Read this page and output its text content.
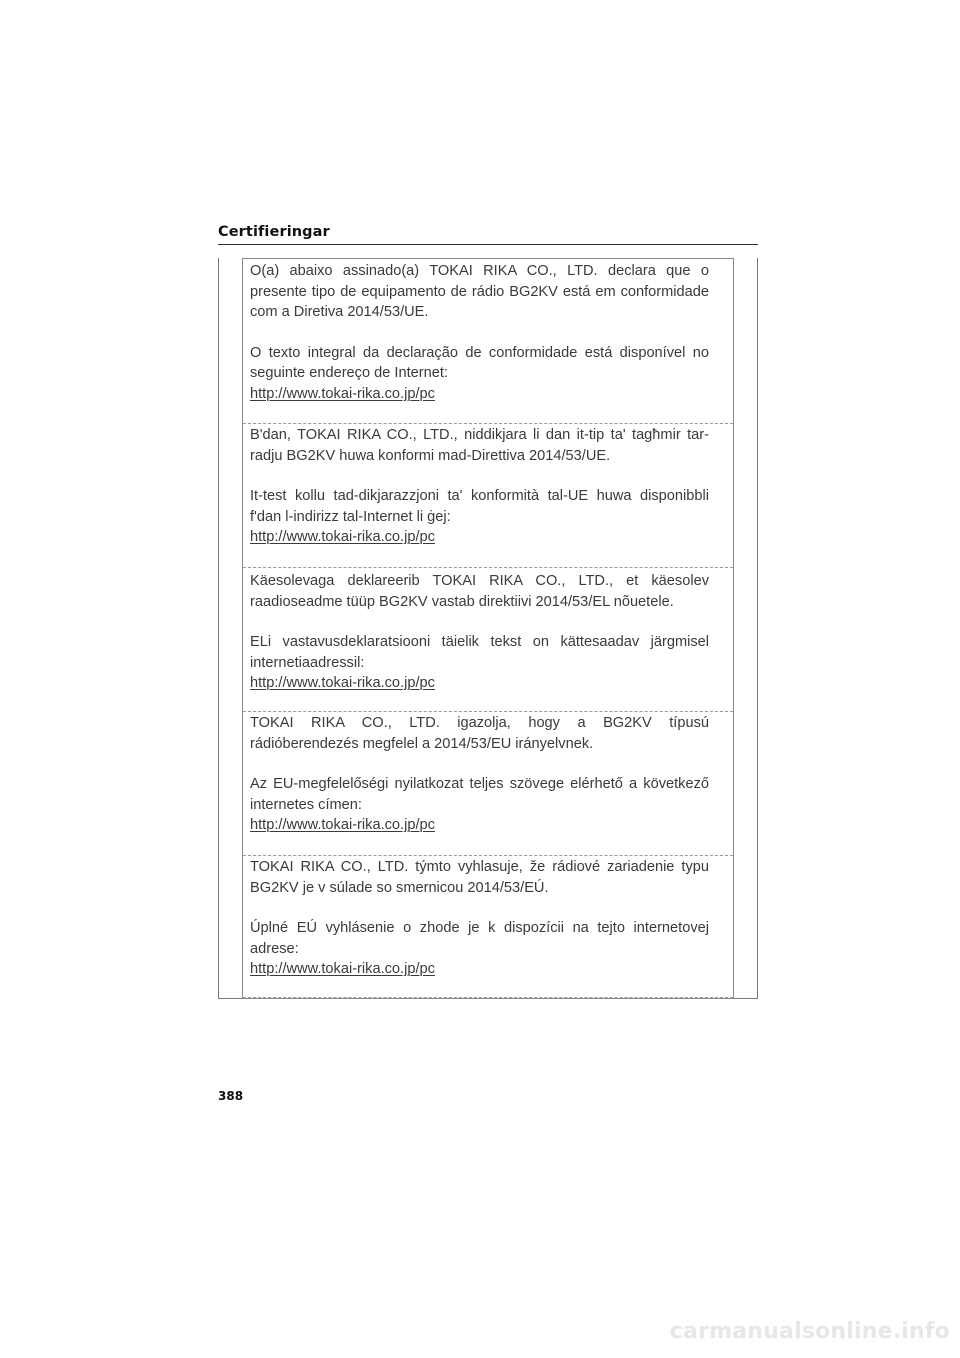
Certifieringar

O(a) abaixo assinado(a) TOKAI RIKA CO., LTD. declara que o presente tipo de equipamento de rádio BG2KV está em conformidade com a Diretiva 2014/53/UE.

O texto integral da declaração de conformidade está disponível no seguinte endereço de Internet:
http://www.tokai-rika.co.jp/pc

B'dan, TOKAI RIKA CO., LTD., niddikjara li dan it-tip ta' tagħmir tar-radju BG2KV huwa konformi mad-Direttiva 2014/53/UE.

It-test kollu tad-dikjarazzjoni ta' konformità tal-UE huwa disponibbli f'dan l-indirizz tal-Internet li ġej:
http://www.tokai-rika.co.jp/pc

Käesolevaga deklareerib TOKAI RIKA CO., LTD., et käesolev raadioseadme tüüp BG2KV vastab direktiivi 2014/53/EL nõuetele.

ELi vastavusdeklaratsiooni täielik tekst on kättesaadav järgmisel internetiaadressil:
http://www.tokai-rika.co.jp/pc

TOKAI RIKA CO., LTD. igazolja, hogy a BG2KV típusú rádióberendezés megfelel a 2014/53/EU irányelvnek.

Az EU-megfelelőségi nyilatkozat teljes szövege elérhető a következő internetes címen:
http://www.tokai-rika.co.jp/pc

TOKAI RIKA CO., LTD. týmto vyhlasuje, že rádiové zariadenie typu BG2KV je v súlade so smernicou 2014/53/EÚ.

Úplné EÚ vyhlásenie o zhode je k dispozícii na tejto internetovej adrese:
http://www.tokai-rika.co.jp/pc

388
carmanualsonline.info
